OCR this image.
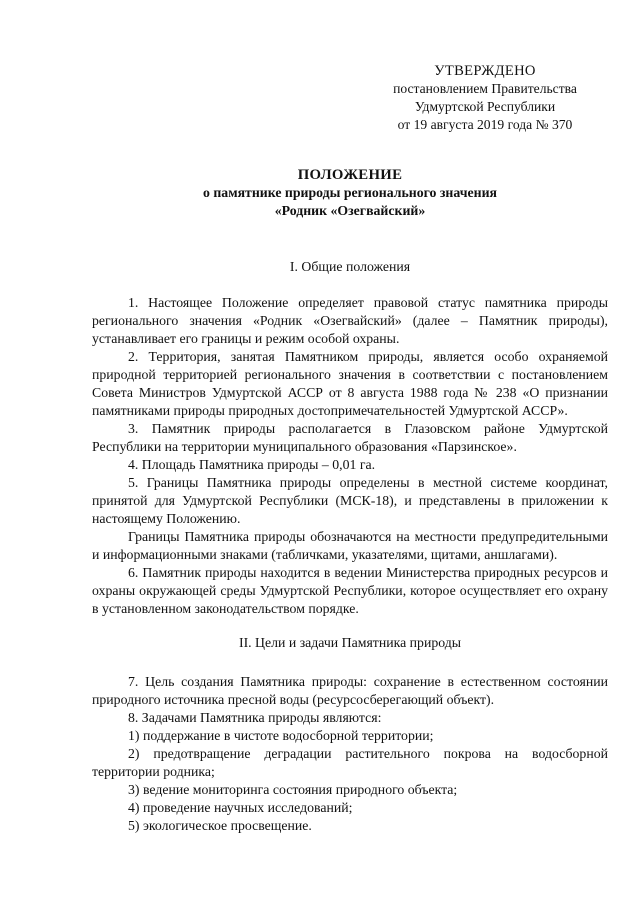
УТВЕРЖДЕНО
постановлением Правительства
Удмуртской Республики
от 19 августа 2019 года № 370
ПОЛОЖЕНИЕ
о памятнике природы регионального значения
«Родник «Озегвайский»
I. Общие положения

1. Настоящее Положение определяет правовой статус памятника природы регионального значения «Родник «Озегвайский» (далее – Памятник природы), устанавливает его границы и режим особой охраны.

2. Территория, занятая Памятником природы, является особо охраняемой природной территорией регионального значения в соответствии с постановлением Совета Министров Удмуртской АССР от 8 августа 1988 года № 238 «О признании памятниками природы природных достопримечательностей Удмуртской АССР».

3. Памятник природы располагается в Глазовском районе Удмуртской Республики на территории муниципального образования «Парзинское».

4. Площадь Памятника природы – 0,01 га.

5. Границы Памятника природы определены в местной системе координат, принятой для Удмуртской Республики (МСК-18), и представлены в приложении к настоящему Положению.

Границы Памятника природы обозначаются на местности предупредительными и информационными знаками (табличками, указателями, щитами, аншлагами).

6. Памятник природы находится в ведении Министерства природных ресурсов и охраны окружающей среды Удмуртской Республики, которое осуществляет его охрану в установленном законодательством порядке.

II. Цели и задачи Памятника природы

7. Цель создания Памятника природы: сохранение в естественном состоянии природного источника пресной воды (ресурсосберегающий объект).

8. Задачами Памятника природы являются:

1) поддержание в чистоте водосборной территории;

2) предотвращение деградации растительного покрова на водосборной территории родника;

3) ведение мониторинга состояния природного объекта;

4) проведение научных исследований;

5) экологическое просвещение.
